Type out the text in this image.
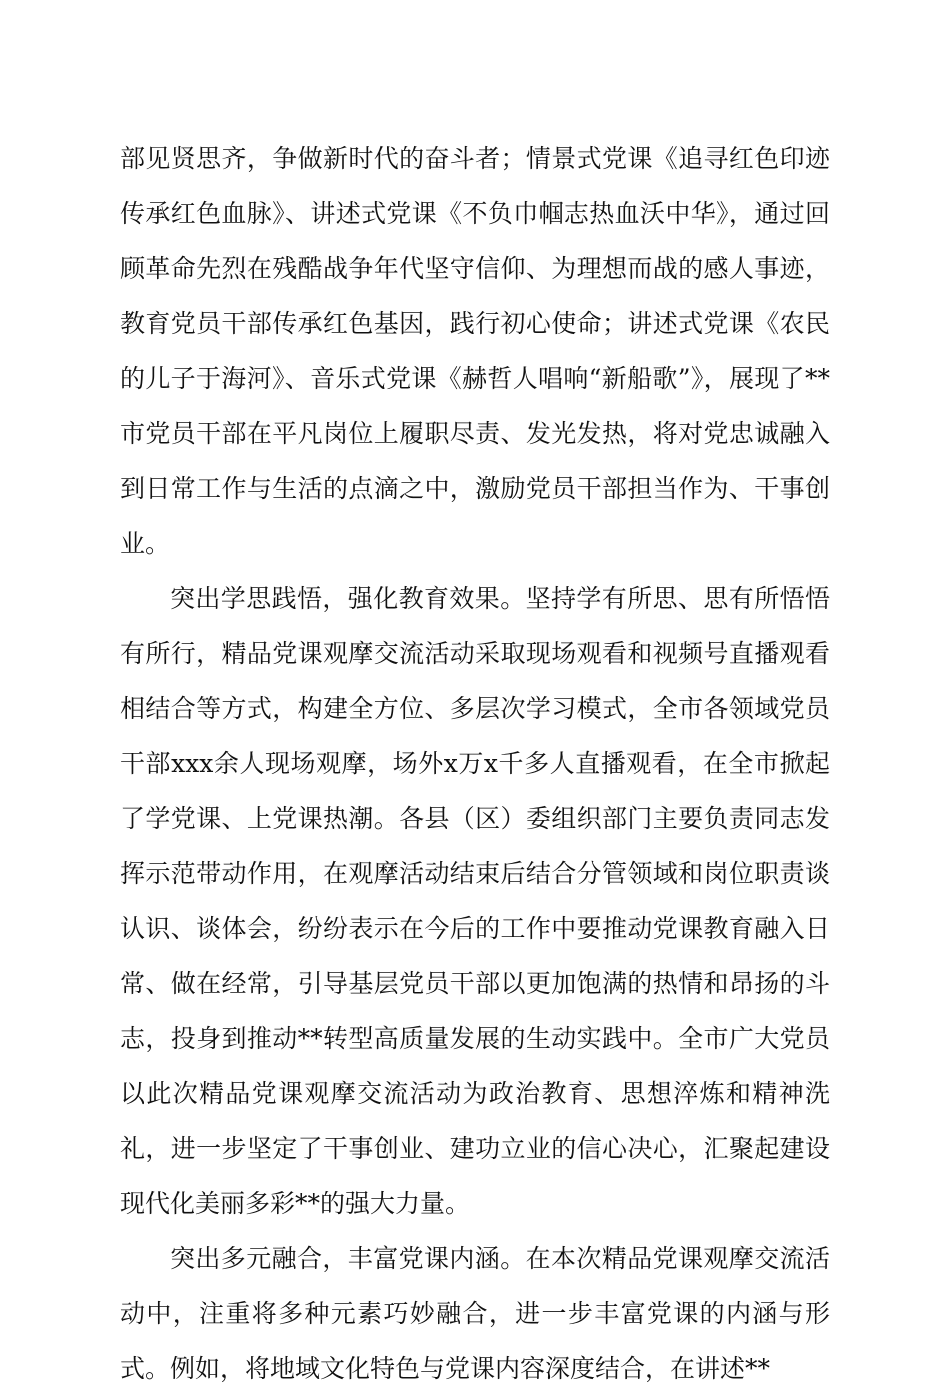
部见贤思齐，争做新时代的奋斗者；情景式党课《追寻红色印迹传承红色血脉》、讲述式党课《不负巾帼志热血沃中华》，通过回顾革命先烈在残酷战争年代坚守信仰、为理想而战的感人事迹，教育党员干部传承红色基因，践行初心使命；讲述式党课《农民的儿子于海河》、音乐式党课《赫哲人唱响“新船歌”》，展现了**市党员干部在平凡岗位上履职尽责、发光发热，将对党忠诚融入到日常工作与生活的点滴之中，激励党员干部担当作为、干事创业。

突出学思践悟，强化教育效果。坚持学有所思、思有所悟悟有所行，精品党课观摩交流活动采取现场观看和视频号直播观看相结合等方式，构建全方位、多层次学习模式，全市各领域党员干部xxx余人现场观摩，场外x万x千多人直播观看，在全市掀起了学党课、上党课热潮。各县（区）委组织部门主要负责同志发挥示范带动作用，在观摩活动结束后结合分管领域和岗位职责谈认识、谈体会，纷纷表示在今后的工作中要推动党课教育融入日常、做在经常，引导基层党员干部以更加饱满的热情和昂扬的斗志，投身到推动**转型高质量发展的生动实践中。全市广大党员以此次精品党课观摩交流活动为政治教育、思想淬炼和精神洗礼，进一步坚定了干事创业、建功立业的信心决心，汇聚起建设现代化美丽多彩**的强大力量。

突出多元融合，丰富党课内涵。在本次精品党课观摩交流活动中，注重将多种元素巧妙融合，进一步丰富党课的内涵与形式。例如，将地域文化特色与党课内容深度结合，在讲述**
